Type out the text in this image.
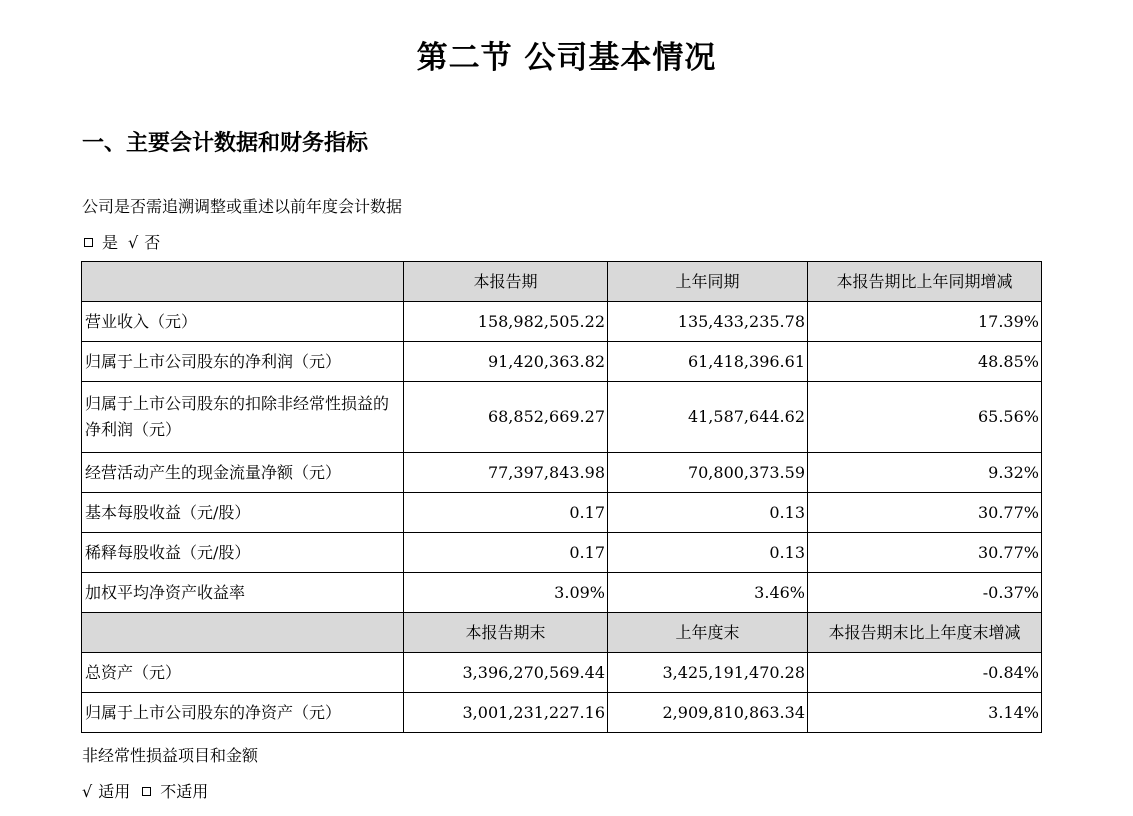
第二节 公司基本情况
一、主要会计数据和财务指标
公司是否需追溯调整或重述以前年度会计数据
是 √ 否
	本报告期	上年同期	本报告期比上年同期增减
营业收入（元）	158,982,505.22	135,433,235.78	17.39%
归属于上市公司股东的净利润（元）	91,420,363.82	61,418,396.61	48.85%
归属于上市公司股东的扣除非经常性损益的净利润（元）	68,852,669.27	41,587,644.62	65.56%
经营活动产生的现金流量净额（元）	77,397,843.98	70,800,373.59	9.32%
基本每股收益（元/股）	0.17	0.13	30.77%
稀释每股收益（元/股）	0.17	0.13	30.77%
加权平均净资产收益率	3.09%	3.46%	-0.37%
	本报告期末	上年度末	本报告期末比上年度末增减
总资产（元）	3,396,270,569.44	3,425,191,470.28	-0.84%
归属于上市公司股东的净资产（元）	3,001,231,227.16	2,909,810,863.34	3.14%
非经常性损益项目和金额
√ 适用 不适用
